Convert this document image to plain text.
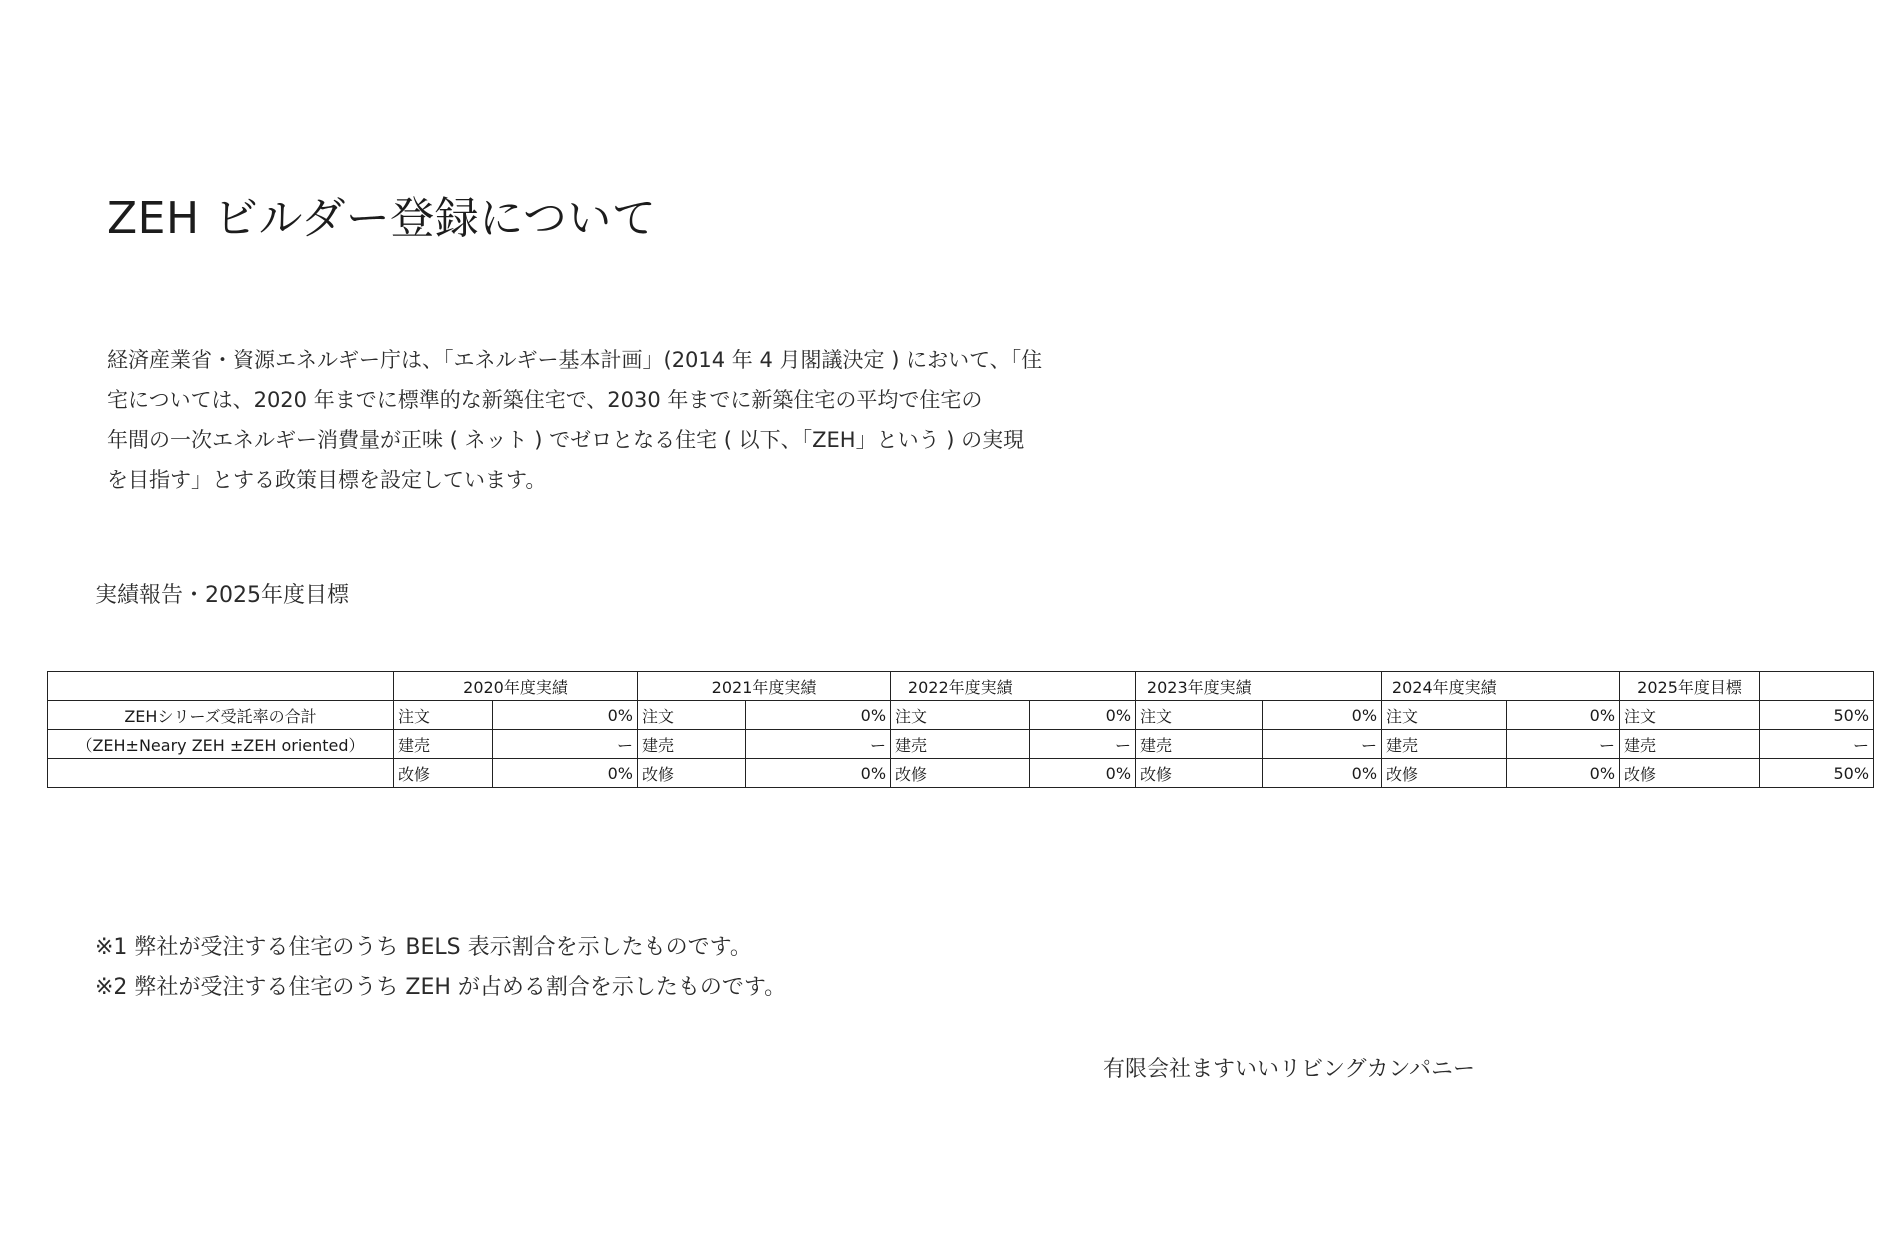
ZEH ビルダー登録について
経済産業省・資源エネルギー庁は、「エネルギー基本計画」(2014 年 4 月閣議決定 ) において、「住
宅については、2020 年までに標準的な新築住宅で、2030 年までに新築住宅の平均で住宅の
年間の一次エネルギー消費量が正味 ( ネット ) でゼロとなる住宅 ( 以下、「ZEH」という ) の実現
を目指す」とする政策目標を設定しています。
実績報告・2025年度目標
	2020年度実績		2021年度実績		2022年度実績		2023年度実績		2024年度実績		2025年度目標	
ZEHシリーズ受託率の合計	注文	0%	注文	0%	注文	0%	注文	0%	注文	0%	注文	50%
（ZEH±Neary ZEH ±ZEH oriented）	建売	ー	建売	ー	建売	ー	建売	ー	建売	ー	建売	ー
	改修	0%	改修	0%	改修	0%	改修	0%	改修	0%	改修	50%
※1 弊社が受注する住宅のうち BELS 表示割合を示したものです。
※2 弊社が受注する住宅のうち ZEH が占める割合を示したものです。
有限会社ますいいリビングカンパニー
